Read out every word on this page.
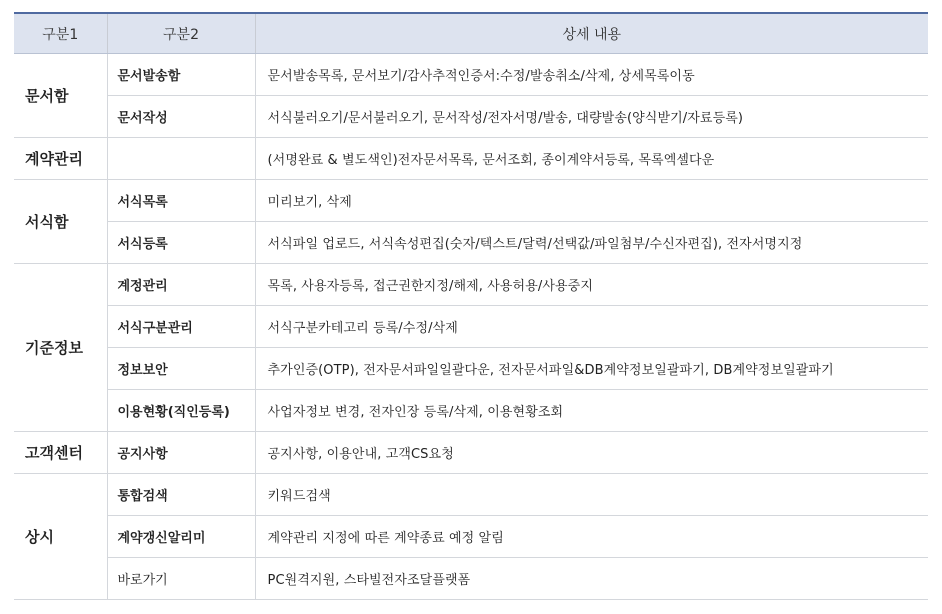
구분1	구분2	상세 내용
문서함	문서발송함	문서발송목록, 문서보기/감사추적인증서:수정/발송취소/삭제, 상세목록이동
	문서작성	서식불러오기/문서불러오기, 문서작성/전자서명/발송, 대량발송(양식받기/자료등록)
계약관리		(서명완료 & 별도색인)전자문서목록, 문서조회, 종이계약서등록, 목록엑셀다운
서식함	서식목록	미리보기, 삭제
	서식등록	서식파일 업로드, 서식속성편집(숫자/텍스트/달력/선택값/파일첨부/수신자편집), 전자서명지정
기준정보	계정관리	목록, 사용자등록, 접근권한지정/해제, 사용허용/사용중지
	서식구분관리	서식구분카테고리 등록/수정/삭제
	정보보안	추가인증(OTP), 전자문서파일일괄다운, 전자문서파일&DB계약정보일괄파기, DB계약정보일괄파기
	이용현황(직인등록)	사업자정보 변경, 전자인장 등록/삭제, 이용현황조회
고객센터	공지사항	공지사항, 이용안내, 고객CS요청
상시	통합검색	키워드검색
	계약갱신알리미	계약관리 지정에 따른 계약종료 예정 알림
	바로가기	PC원격지원, 스타빌전자조달플랫폼
